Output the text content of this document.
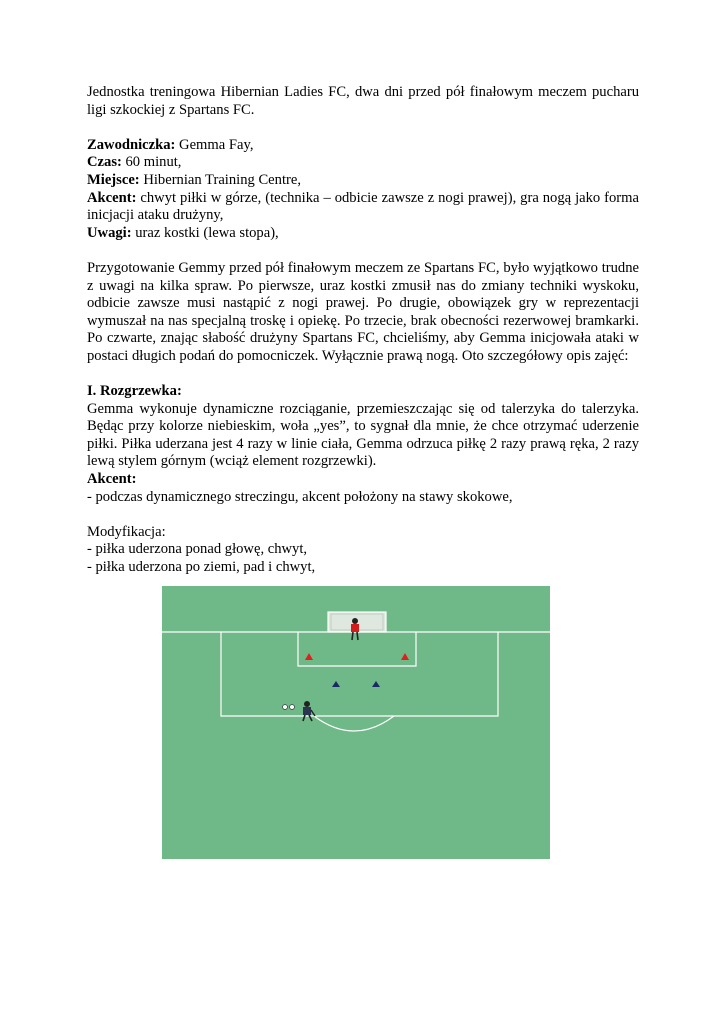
Jednostka treningowa Hibernian Ladies FC, dwa dni przed pół finałowym meczem pucharu
ligi szkockiej z Spartans FC.
Zawodniczka: Gemma Fay,
Czas: 60 minut,
Miejsce: Hibernian Training Centre,
Akcent: chwyt piłki w górze, (technika – odbicie zawsze z nogi prawej), gra nogą jako forma
inicjacji ataku drużyny,
Uwagi: uraz kostki (lewa stopa),
Przygotowanie Gemmy przed pół finałowym meczem ze Spartans FC, było wyjątkowo trudne
z uwagi na kilka spraw. Po pierwsze, uraz kostki zmusił nas do zmiany techniki wyskoku,
odbicie zawsze musi nastąpić z nogi prawej. Po drugie, obowiązek gry w reprezentacji
wymuszał na nas specjalną troskę i opiekę. Po trzecie, brak obecności rezerwowej bramkarki.
Po czwarte, znając słabość drużyny Spartans FC, chcieliśmy, aby Gemma inicjowała ataki w
postaci długich podań do pomocniczek. Wyłącznie prawą nogą. Oto szczegółowy opis zajęć:
I. Rozgrzewka:
Gemma wykonuje dynamiczne rozciąganie, przemieszczając się od talerzyka do talerzyka.
Będąc przy kolorze niebieskim, woła „yes”, to sygnał dla mnie, że chce otrzymać uderzenie
piłki. Piłka uderzana jest 4 razy w linie ciała, Gemma odrzuca piłkę 2 razy prawą ręka, 2 razy
lewą stylem górnym (wciąż element rozgrzewki).
Akcent:
- podczas dynamicznego streczingu, akcent położony na stawy skokowe,
Modyfikacja:
- piłka uderzona ponad głowę, chwyt,
- piłka uderzona po ziemi, pad i chwyt,
